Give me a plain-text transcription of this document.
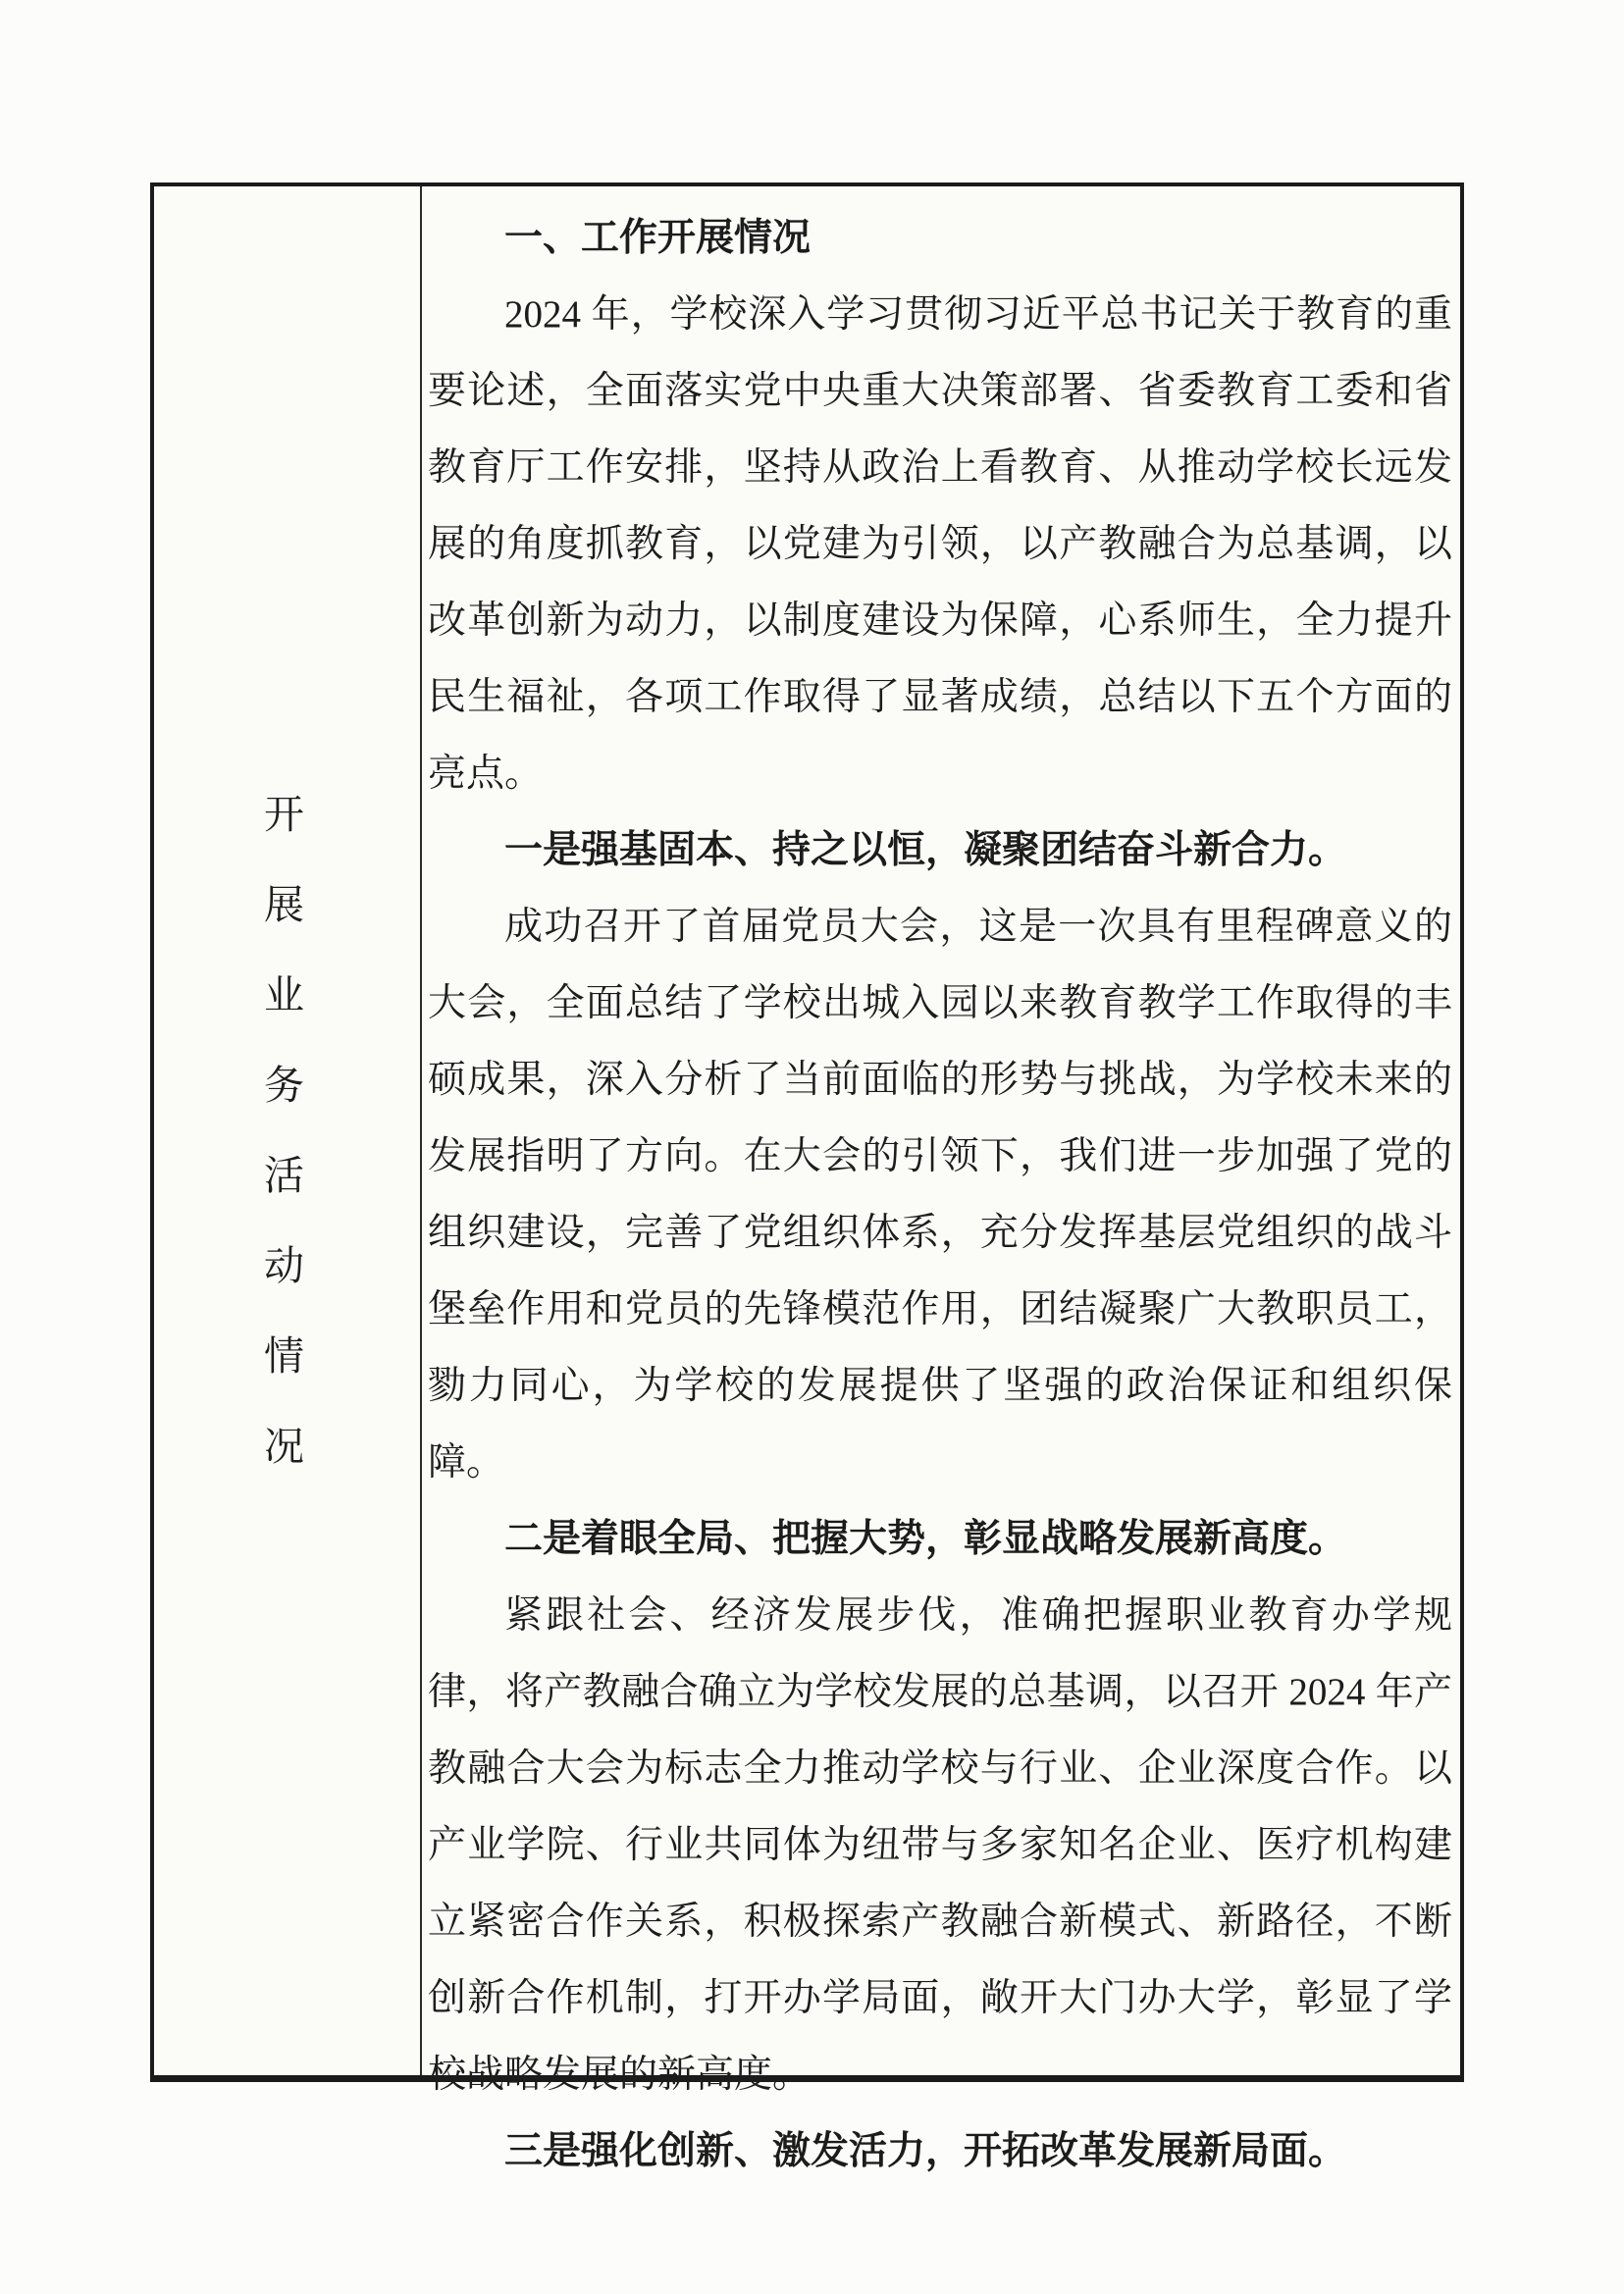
开
展
业
务
活
动
情
况

一、工作开展情况

2024 年，学校深入学习贯彻习近平总书记关于教育的重要论述，全面落实党中央重大决策部署、省委教育工委和省教育厅工作安排，坚持从政治上看教育、从推动学校长远发展的角度抓教育，以党建为引领，以产教融合为总基调，以改革创新为动力，以制度建设为保障，心系师生，全力提升民生福祉，各项工作取得了显著成绩，总结以下五个方面的亮点。

一是强基固本、持之以恒，凝聚团结奋斗新合力。

成功召开了首届党员大会，这是一次具有里程碑意义的大会，全面总结了学校出城入园以来教育教学工作取得的丰硕成果，深入分析了当前面临的形势与挑战，为学校未来的发展指明了方向。在大会的引领下，我们进一步加强了党的组织建设，完善了党组织体系，充分发挥基层党组织的战斗堡垒作用和党员的先锋模范作用，团结凝聚广大教职员工，勠力同心，为学校的发展提供了坚强的政治保证和组织保障。

二是着眼全局、把握大势，彰显战略发展新高度。

紧跟社会、经济发展步伐，准确把握职业教育办学规律，将产教融合确立为学校发展的总基调，以召开 2024 年产教融合大会为标志全力推动学校与行业、企业深度合作。以产业学院、行业共同体为纽带与多家知名企业、医疗机构建立紧密合作关系，积极探索产教融合新模式、新路径，不断创新合作机制，打开办学局面，敞开大门办大学，彰显了学校战略发展的新高度。

三是强化创新、激发活力，开拓改革发展新局面。
